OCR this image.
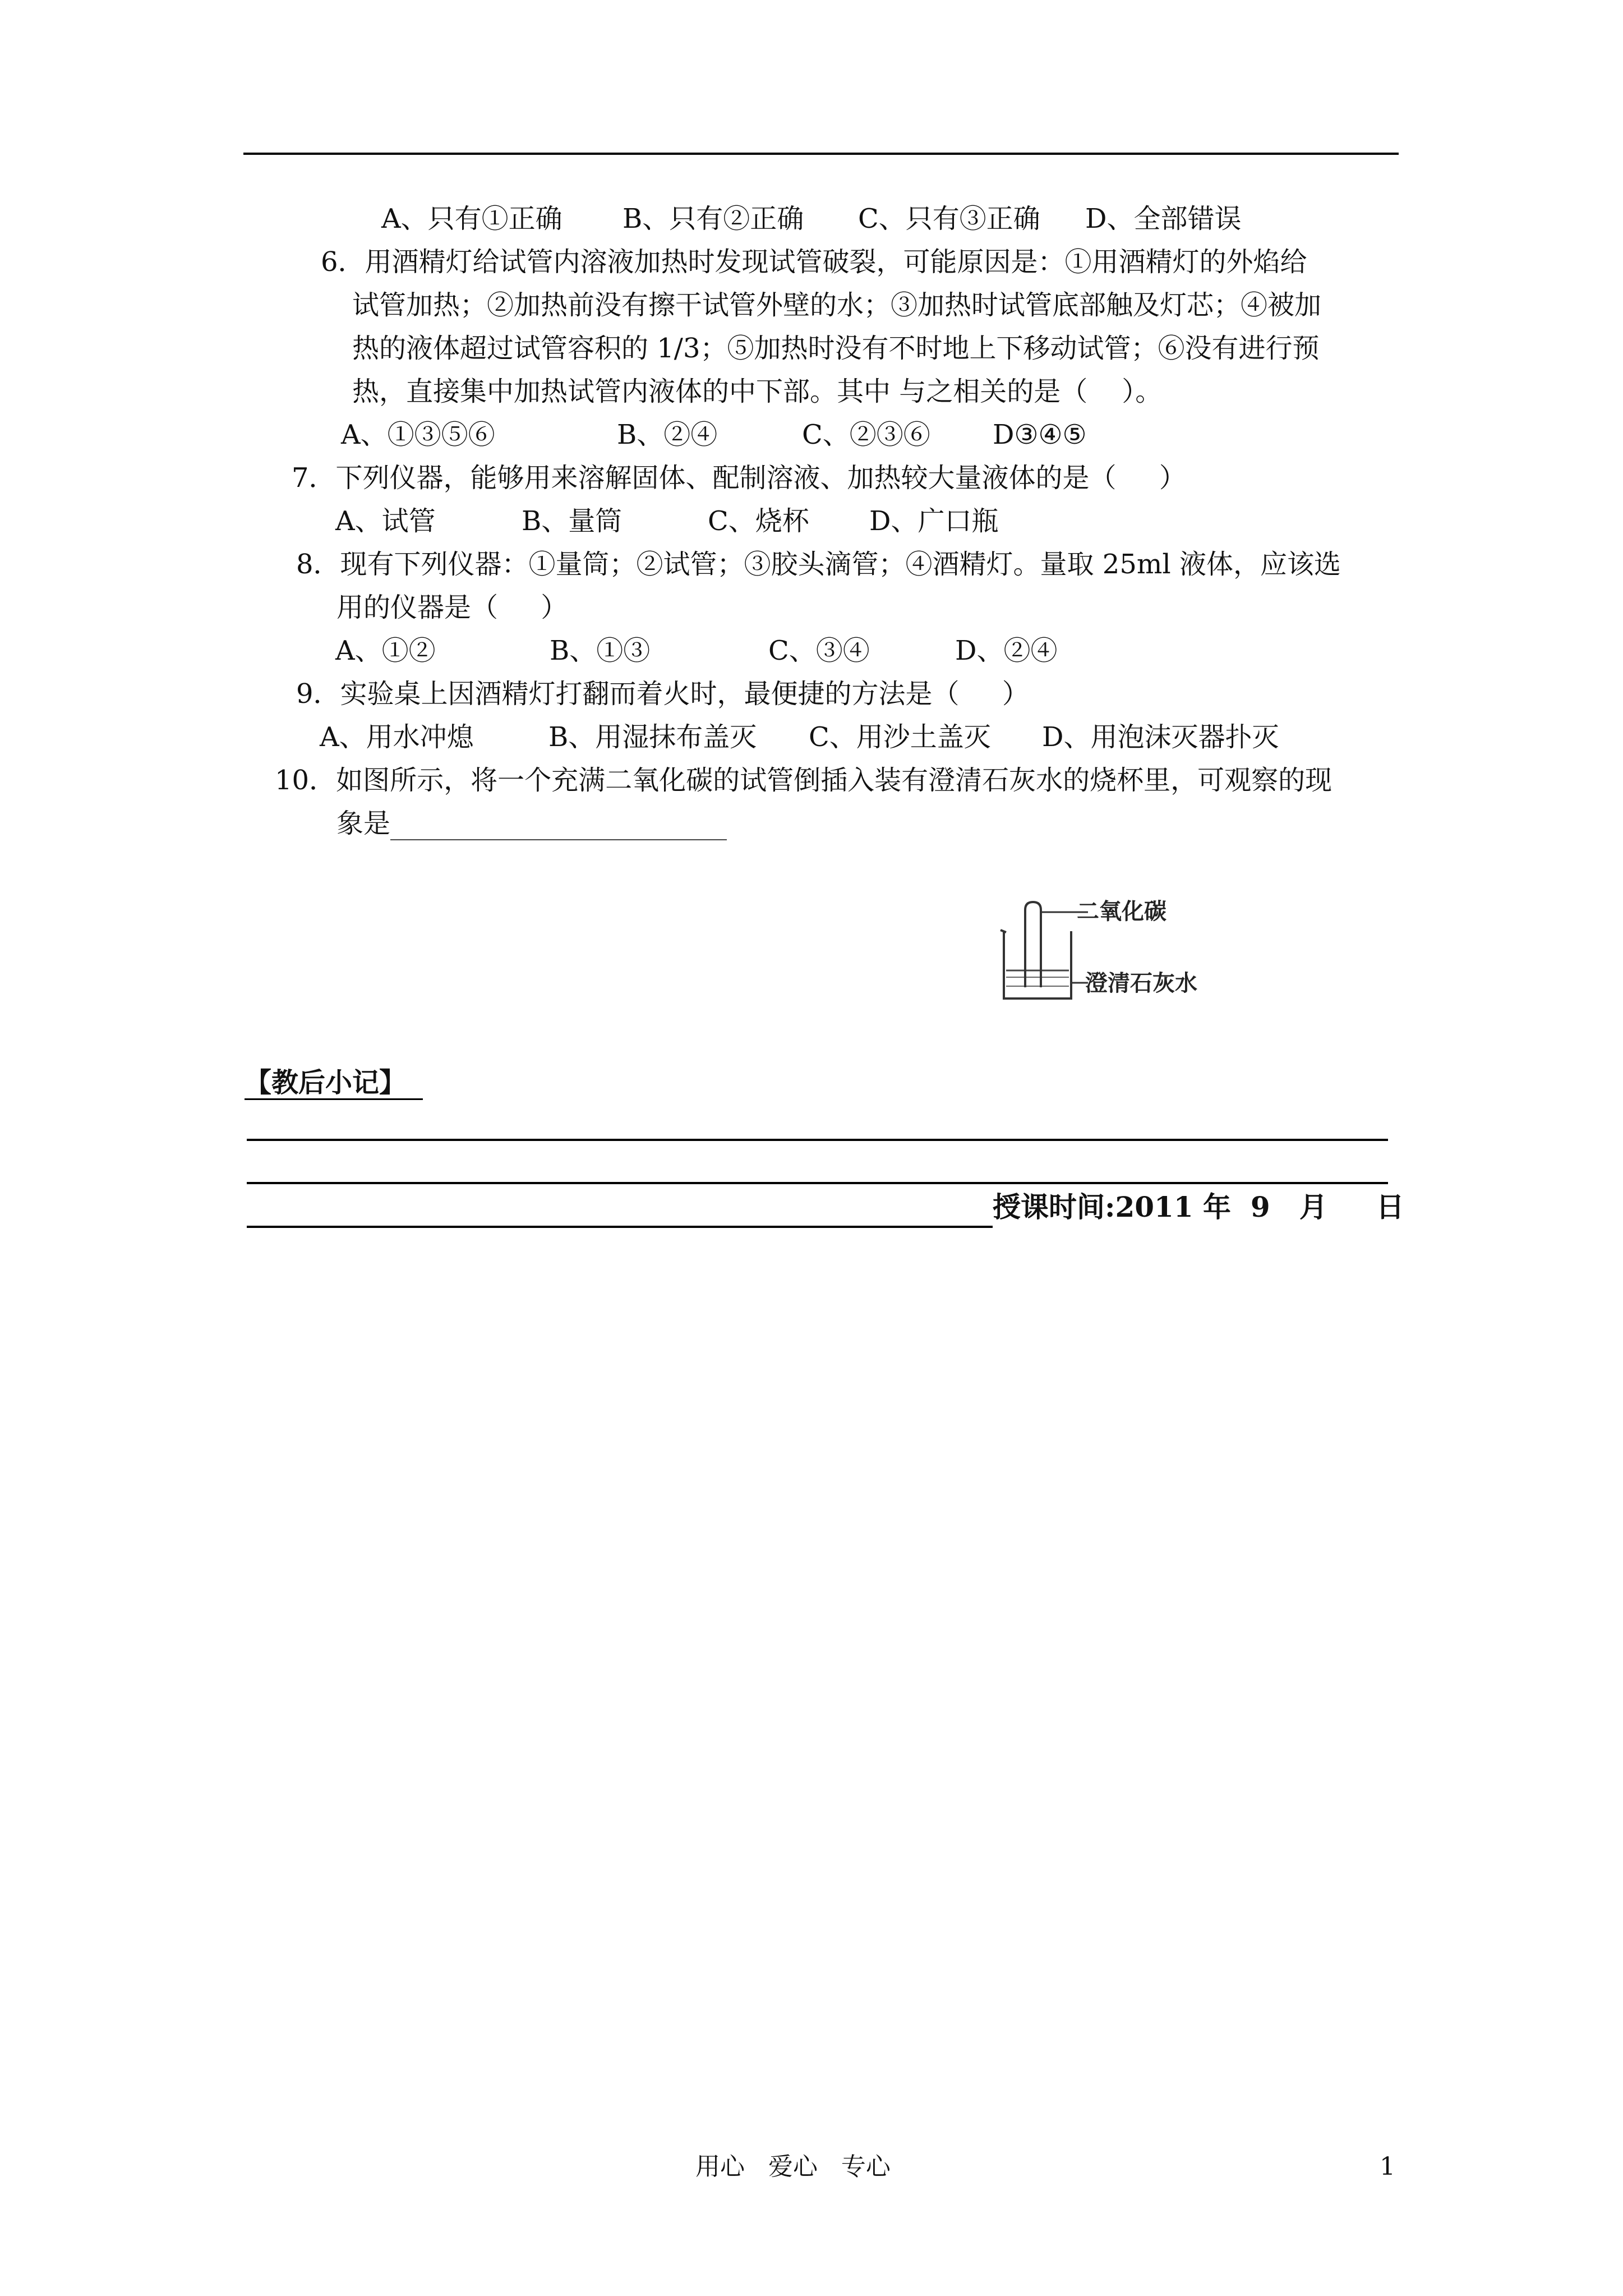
A、只有①正确 B、只有②正确 C、只有③正确 D、全部错误
6．用酒精灯给试管内溶液加热时发现试管破裂，可能原因是：①用酒精灯的外焰给
试管加热；②加热前没有擦干试管外壁的水；③加热时试管底部触及灯芯；④被加
热的液体超过试管容积的 1/3；⑤加热时没有不时地上下移动试管；⑥没有进行预
热，直接集中加热试管内液体的中下部。其中 与之相关的是（    ）。
A、①③⑤⑥	B、②④	C、②③⑥ D③④⑤
7．下列仪器，能够用来溶解固体、配制溶液、加热较大量液体的是（     ）
A、试管	B、量筒	C、烧杯 D、广口瓶
8．现有下列仪器：①量筒；②试管；③胶头滴管；④酒精灯。量取 25ml 液体，应该选
用的仪器是（     ）
A、①②	B、①③	C、③④	D、②④
9．实验桌上因酒精灯打翻而着火时，最便捷的方法是（     ）
A、用水冲熄	B、用湿抹布盖灭 C、用沙土盖灭 D、用泡沫灭器扑灭
10．如图所示，将一个充满二氧化碳的试管倒插入装有澄清石灰水的烧杯里，可观察的现
象是
二氧化碳
澄清石灰水
【教后小记】
授课时间:2011 年  9   月     日
用心   爱心   专心	1
